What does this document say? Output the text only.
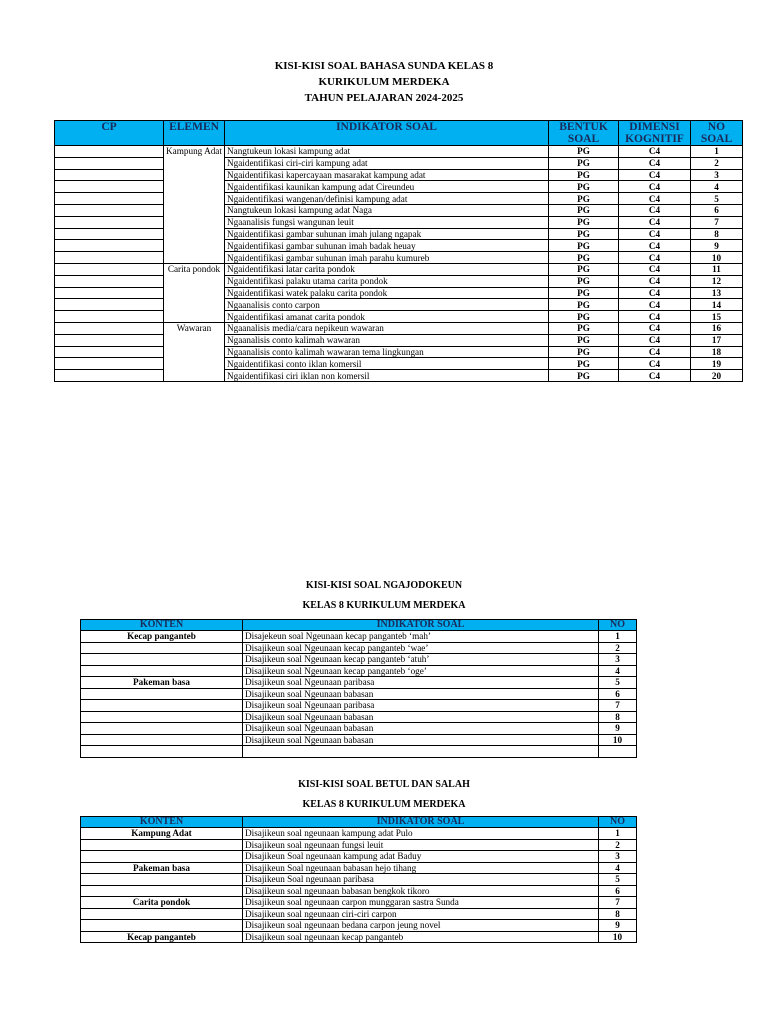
KISI-KISI SOAL BAHASA SUNDA KELAS 8
KURIKULUM MERDEKA
TAHUN PELAJARAN 2024-2025
CP	ELEMEN	INDIKATOR SOAL	BENTUK SOAL	DIMENSI KOGNITIF	NO SOAL
	Kampung Adat	Nangtukeun lokasi kampung adat	PG	C4	1
		Ngaidentifikasi ciri-ciri kampung adat	PG	C4	2
		Ngaidentifikasi kapercayaan masarakat kampung adat	PG	C4	3
		Ngaidentifikasi kaunikan kampung adat Cireundeu	PG	C4	4
		Ngaidentifikasi wangenan/definisi kampung adat	PG	C4	5
		Nangtukeun lokasi kampung adat Naga	PG	C4	6
		Ngaanalisis fungsi wangunan leuit	PG	C4	7
		Ngaidentifikasi gambar suhunan imah julang ngapak	PG	C4	8
		Ngaidentifikasi gambar suhunan imah badak heuay	PG	C4	9
		Ngaidentifikasi gambar suhunan imah parahu kumureb	PG	C4	10
	Carita pondok	Ngaidentifikasi latar carita pondok	PG	C4	11
		Ngaidentifikasi palaku utama carita pondok	PG	C4	12
		Ngaidentifikasi watek palaku carita pondok	PG	C4	13
		Ngaanalisis conto carpon	PG	C4	14
		Ngaidentifikasi amanat carita pondok	PG	C4	15
	Wawaran	Ngaanalisis media/cara nepikeun wawaran	PG	C4	16
		Ngaanalisis conto kalimah wawaran	PG	C4	17
		Ngaanalisis conto kalimah wawaran tema lingkungan	PG	C4	18
		Ngaidentifikasi conto iklan komersil	PG	C4	19
		Ngaidentifikasi ciri iklan non komersil	PG	C4	20
KISI-KISI SOAL NGAJODOKEUN
KELAS 8 KURIKULUM MERDEKA
KONTEN	INDIKATOR SOAL	NO
Kecap panganteb	Disajekeun soal Ngeunaan kecap panganteb ‘mah’	1
	Disajikeun soal Ngeunaan kecap panganteb ‘wae’	2
	Disajikeun soal Ngeunaan kecap panganteb ‘atuh’	3
	Disajikeun soal Ngeunaan kecap panganteb ‘oge’	4
Pakeman basa	Disajikeun soal Ngeunaan paribasa	5
	Disajikeun soal Ngeunaan babasan	6
	Disajikeun soal Ngeunaan paribasa	7
	Disajikeun soal Ngeunaan babasan	8
	Disajikeun soal Ngeunaan babasan	9
	Disajikeun soal Ngeunaan babasan	10

KISI-KISI SOAL BETUL DAN SALAH
KELAS 8 KURIKULUM MERDEKA
KONTEN	INDIKATOR SOAL	NO
Kampung Adat	Disajikeun soal ngeunaan kampung adat Pulo	1
	Disajikeun soal ngeunaan fungsi leuit	2
	Disajikeun Soal ngeunaan kampung adat Baduy	3
Pakeman basa	Disajikeun Soal ngeunaan babasan hejo tihang	4
	Disajikeun Soal ngeunaan paribasa	5
	Disajikeun soal ngeunaan babasan bengkok tikoro	6
Carita pondok	Disajikeun soal ngeunaan carpon munggaran sastra Sunda	7
	Disajikeun soal ngeunaan ciri-ciri carpon	8
	Disajikeun soal ngeunaan bedana carpon jeung novel	9
Kecap panganteb	Disajikeun soal ngeunaan kecap panganteb	10
